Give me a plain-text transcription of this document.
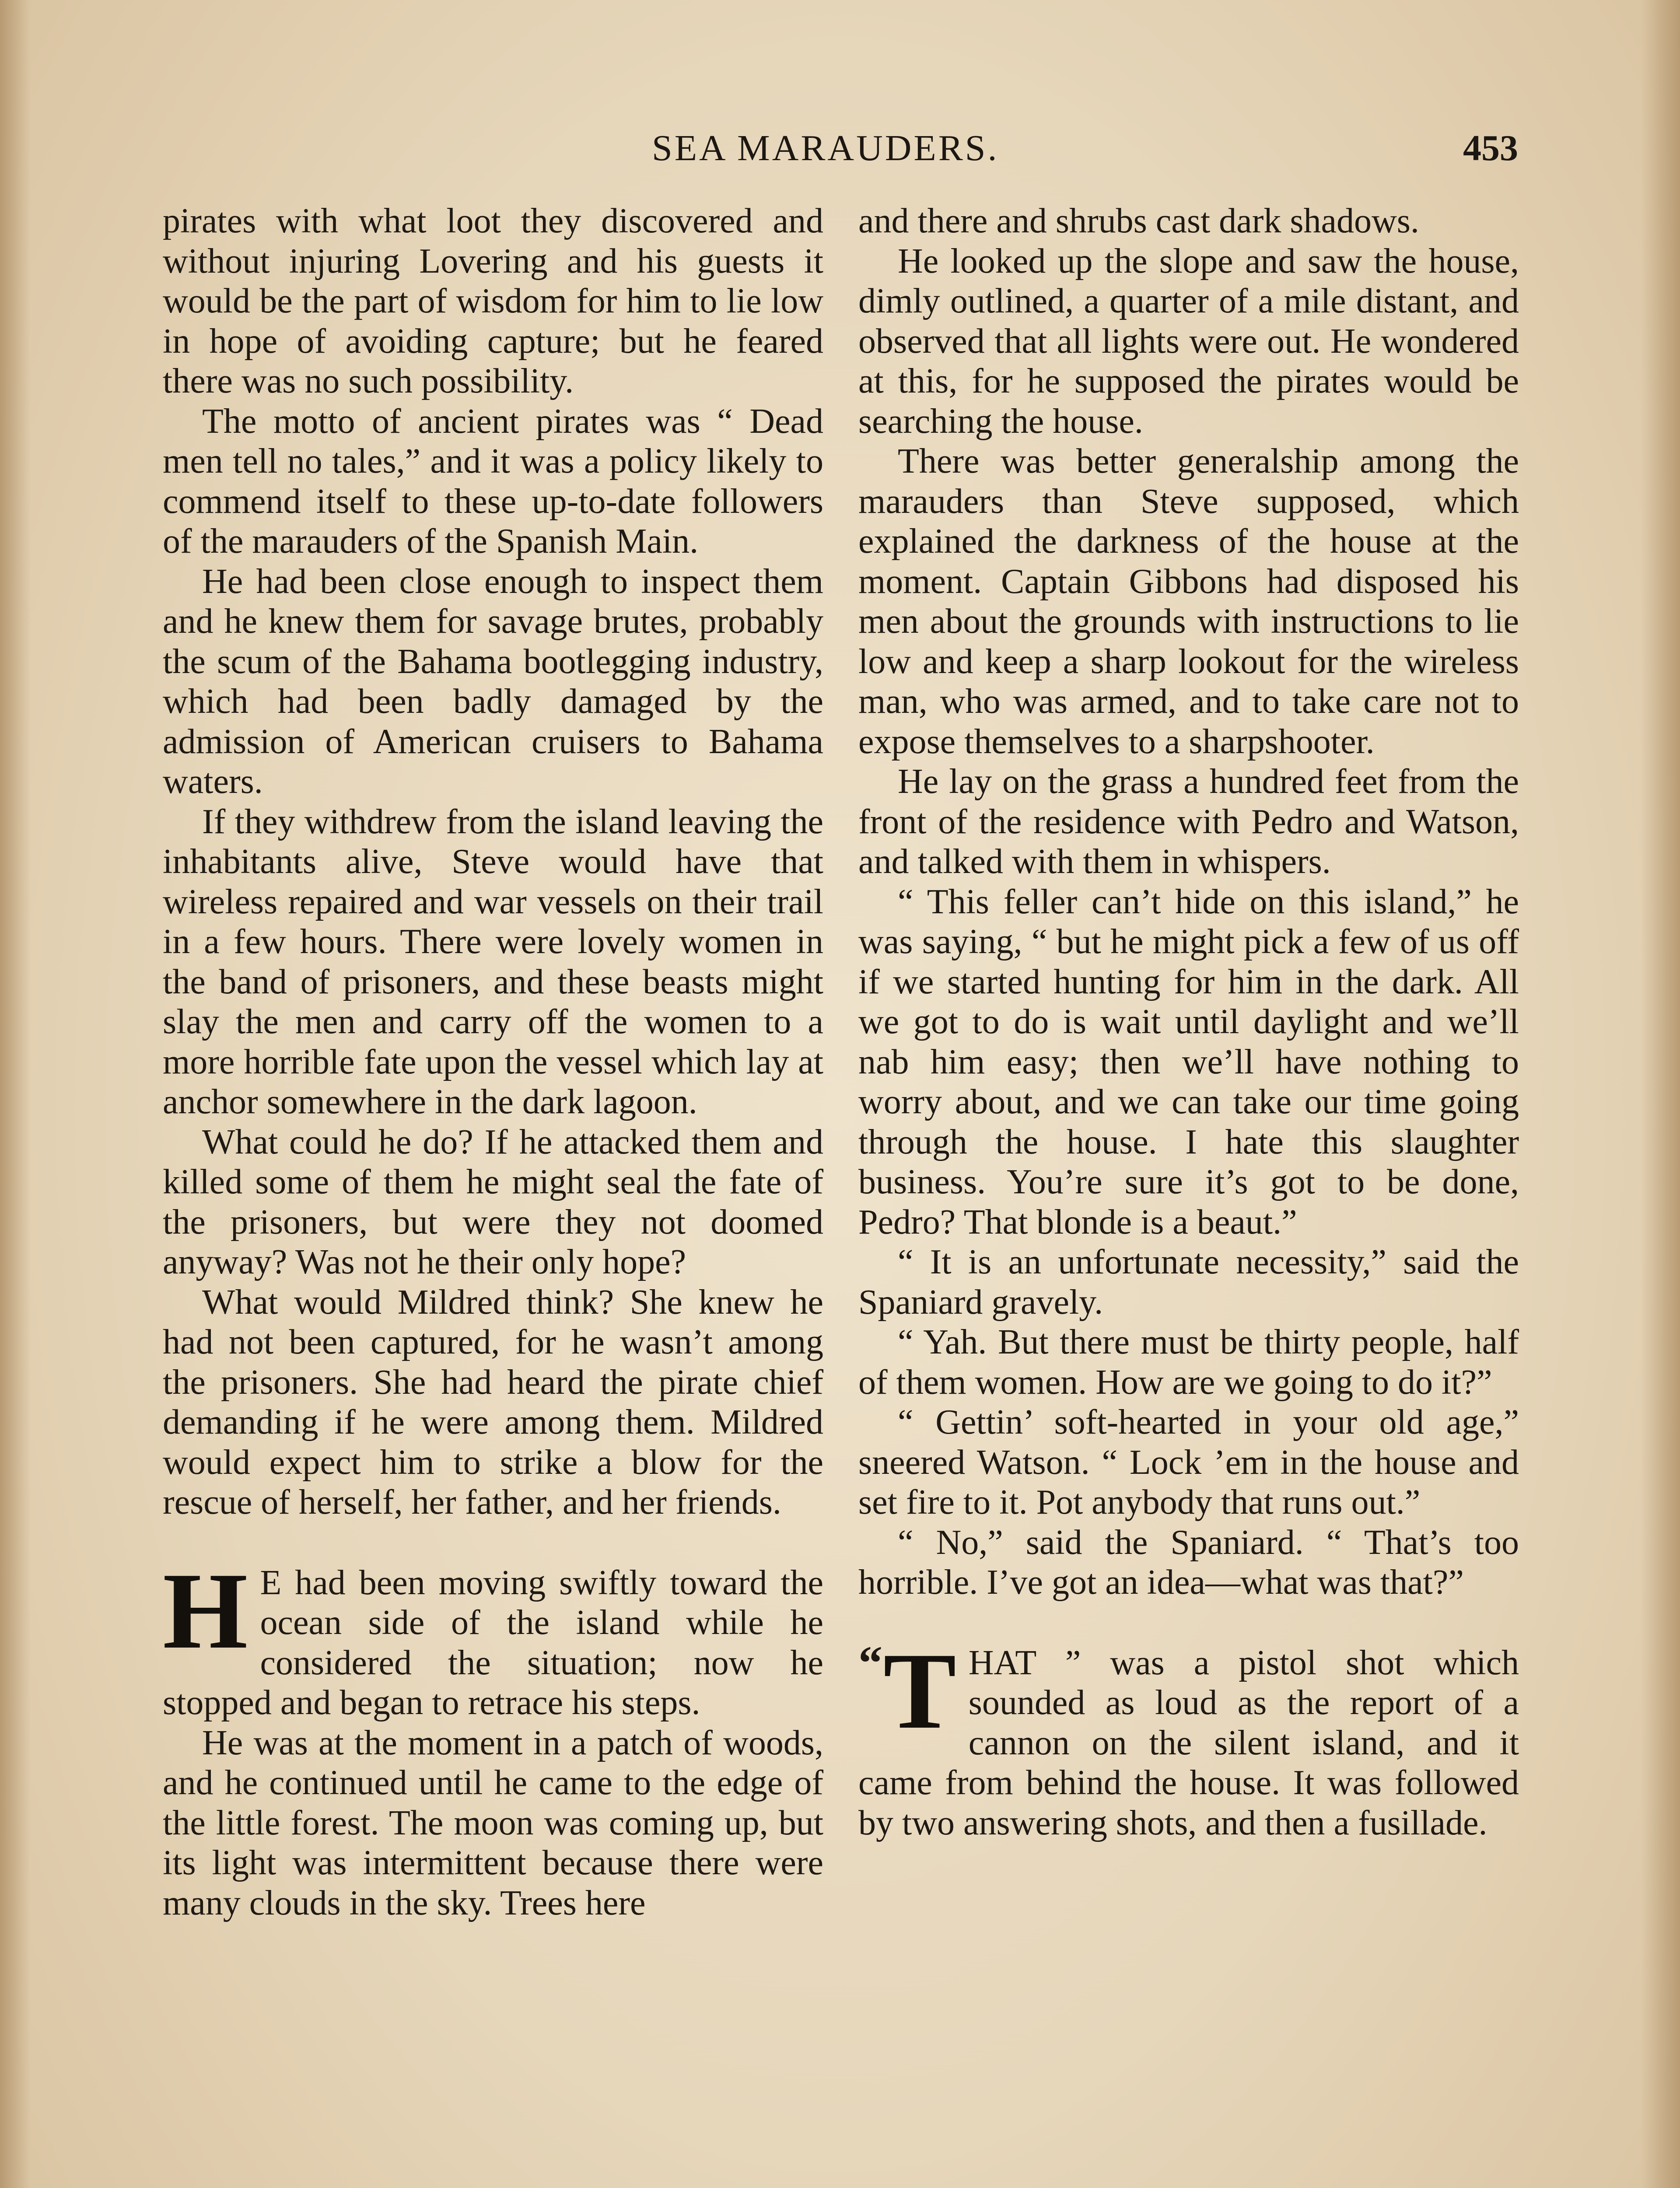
SEA MARAUDERS.	453

pirates with what loot they discovered and without injuring Lovering and his guests it would be the part of wisdom for him to lie low in hope of avoiding capture; but he feared there was no such possibility.

The motto of ancient pirates was “ Dead men tell no tales,” and it was a policy likely to commend itself to these up-to-date followers of the marauders of the Spanish Main.

He had been close enough to inspect them and he knew them for savage brutes, probably the scum of the Bahama bootlegging industry, which had been badly damaged by the admission of American cruisers to Bahama waters.

If they withdrew from the island leaving the inhabitants alive, Steve would have that wireless repaired and war vessels on their trail in a few hours. There were lovely women in the band of prisoners, and these beasts might slay the men and carry off the women to a more horrible fate upon the vessel which lay at anchor somewhere in the dark lagoon.

What could he do? If he attacked them and killed some of them he might seal the fate of the prisoners, but were they not doomed anyway? Was not he their only hope?

What would Mildred think? She knew he had not been captured, for he wasn’t among the prisoners. She had heard the pirate chief demanding if he were among them. Mildred would expect him to strike a blow for the rescue of herself, her father, and her friends.

H E had been moving swiftly toward the ocean side of the island while he considered the situation; now he stopped and began to retrace his steps.

He was at the moment in a patch of woods, and he continued until he came to the edge of the little forest. The moon was coming up, but its light was intermittent because there were many clouds in the sky. Trees here

and there and shrubs cast dark shadows.

He looked up the slope and saw the house, dimly outlined, a quarter of a mile distant, and observed that all lights were out. He wondered at this, for he supposed the pirates would be searching the house.

There was better generalship among the marauders than Steve supposed, which explained the darkness of the house at the moment. Captain Gibbons had disposed his men about the grounds with instructions to lie low and keep a sharp lookout for the wireless man, who was armed, and to take care not to expose themselves to a sharpshooter.

He lay on the grass a hundred feet from the front of the residence with Pedro and Watson, and talked with them in whispers.

“ This feller can’t hide on this island,” he was saying, “ but he might pick a few of us off if we started hunting for him in the dark. All we got to do is wait until daylight and we’ll nab him easy; then we’ll have nothing to worry about, and we can take our time going through the house. I hate this slaughter business. You’re sure it’s got to be done, Pedro? That blonde is a beaut.”

“ It is an unfortunate necessity,” said the Spaniard gravely.

“ Yah. But there must be thirty people, half of them women. How are we going to do it?”

“ Gettin’ soft-hearted in your old age,” sneered Watson. “ Lock ’em in the house and set fire to it. Pot anybody that runs out.”

“ No,” said the Spaniard. “ That’s too horrible. I’ve got an idea—what was that?”

“ T HAT ” was a pistol shot which sounded as loud as the report of a cannon on the silent island, and it came from behind the house. It was followed by two answering shots, and then a fusillade.
